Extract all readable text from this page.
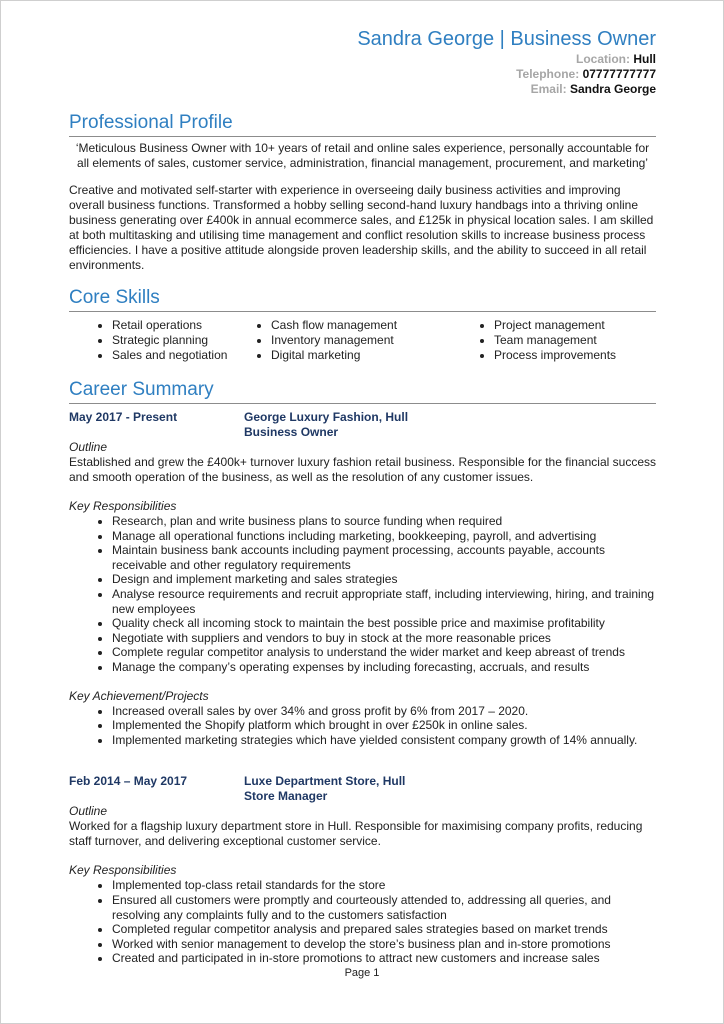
Sandra George | Business Owner
Location: Hull
Telephone: 07777777777
Email: Sandra George
Professional Profile

‘Meticulous Business Owner with 10+ years of retail and online sales experience, personally accountable for all elements of sales, customer service, administration, financial management, procurement, and marketing’

Creative and motivated self-starter with experience in overseeing daily business activities and improving overall business functions. Transformed a hobby selling second-hand luxury handbags into a thriving online business generating over £400k in annual ecommerce sales, and £125k in physical location sales. I am skilled at both multitasking and utilising time management and conflict resolution skills to increase business process efficiencies. I have a positive attitude alongside proven leadership skills, and the ability to succeed in all retail environments.

Core Skills
• Retail operations
• Strategic planning
• Sales and negotiation
• Cash flow management
• Inventory management
• Digital marketing
• Project management
• Team management
• Process improvements
Career Summary
May 2017 - Present	George Luxury Fashion, Hull
Business Owner
Outline

Established and grew the £400k+ turnover luxury fashion retail business. Responsible for the financial success and smooth operation of the business, as well as the resolution of any customer issues.

Key Responsibilities
• Research, plan and write business plans to source funding when required
• Manage all operational functions including marketing, bookkeeping, payroll, and advertising
• Maintain business bank accounts including payment processing, accounts payable, accounts receivable and other regulatory requirements
• Design and implement marketing and sales strategies
• Analyse resource requirements and recruit appropriate staff, including interviewing, hiring, and training new employees
• Quality check all incoming stock to maintain the best possible price and maximise profitability
• Negotiate with suppliers and vendors to buy in stock at the more reasonable prices
• Complete regular competitor analysis to understand the wider market and keep abreast of trends
• Manage the company’s operating expenses by including forecasting, accruals, and results
Key Achievement/Projects
• Increased overall sales by over 34% and gross profit by 6% from 2017 – 2020.
• Implemented the Shopify platform which brought in over £250k in online sales.
• Implemented marketing strategies which have yielded consistent company growth of 14% annually.
Feb 2014 – May 2017	Luxe Department Store, Hull
Store Manager
Outline

Worked for a flagship luxury department store in Hull. Responsible for maximising company profits, reducing staff turnover, and delivering exceptional customer service.

Key Responsibilities
• Implemented top-class retail standards for the store
• Ensured all customers were promptly and courteously attended to, addressing all queries, and resolving any complaints fully and to the customers satisfaction
• Completed regular competitor analysis and prepared sales strategies based on market trends
• Worked with senior management to develop the store’s business plan and in-store promotions
• Created and participated in in-store promotions to attract new customers and increase sales
Page 1
